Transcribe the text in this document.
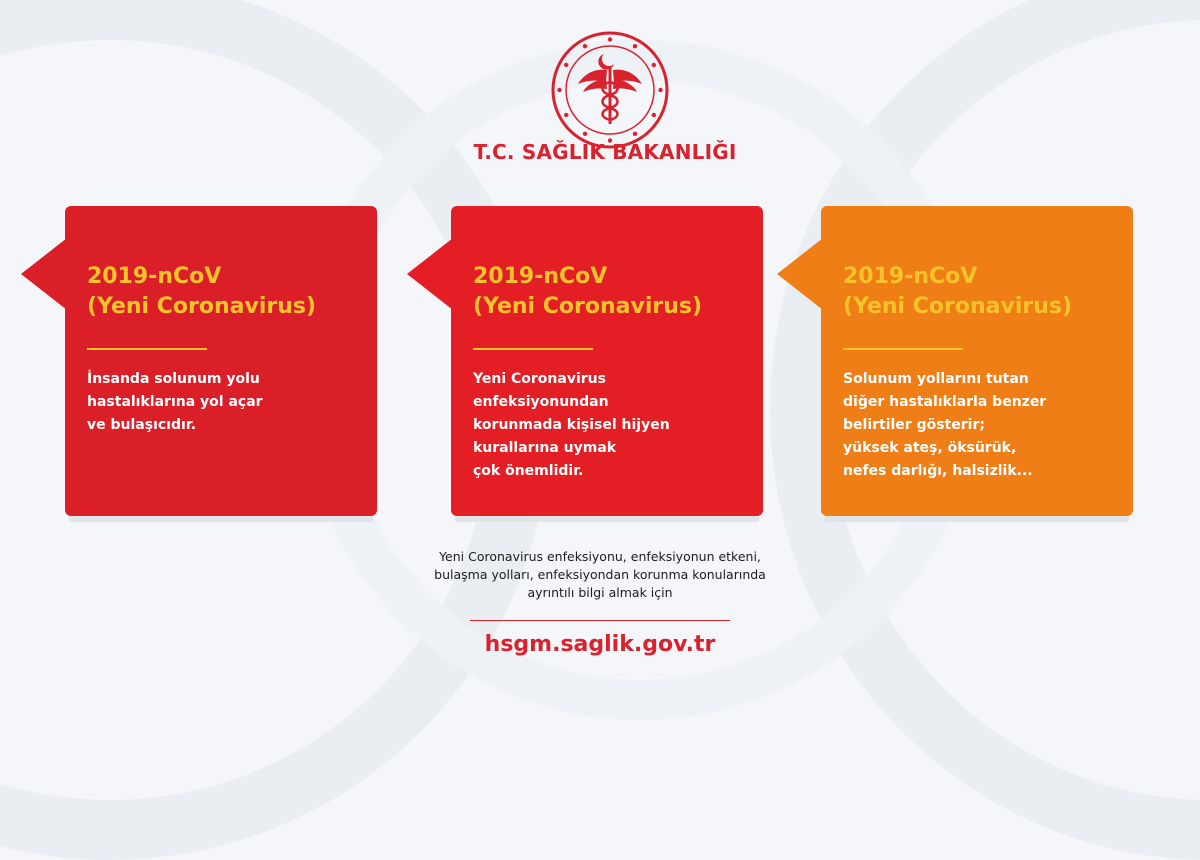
T.C. SAĞLIK BAKANLIĞI
2019-nCoV
(Yeni Coronavirus)
İnsanda solunum yolu
hastalıklarına yol açar
ve bulaşıcıdır.
2019-nCoV
(Yeni Coronavirus)
Yeni Coronavirus
enfeksiyonundan
korunmada kişisel hijyen
kurallarına uymak
çok önemlidir.
2019-nCoV
(Yeni Coronavirus)
Solunum yollarını tutan
diğer hastalıklarla benzer
belirtiler gösterir;
yüksek ateş, öksürük,
nefes darlığı, halsizlik...
Yeni Coronavirus enfeksiyonu, enfeksiyonun etkeni,
bulaşma yolları, enfeksiyondan korunma konularında
ayrıntılı bilgi almak için
hsgm.saglik.gov.tr
